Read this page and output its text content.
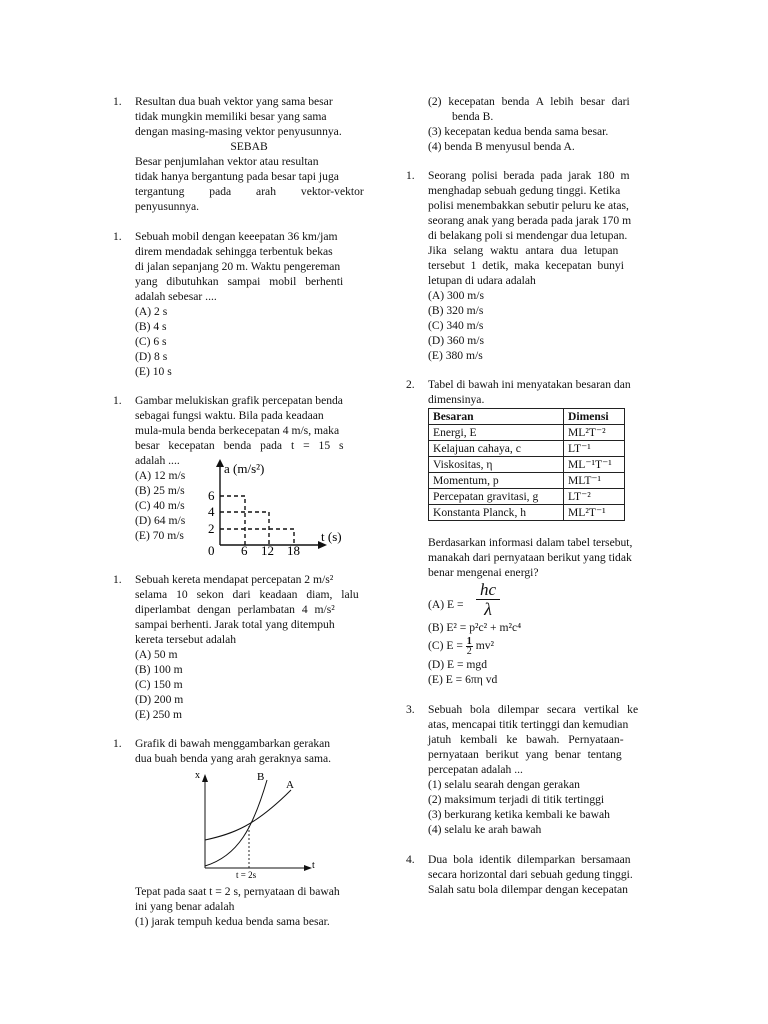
1. Resultan dua buah vektor yang sama besar
tidak mungkin memiliki besar yang sama
dengan masing-masing vektor penyusunnya.
SEBAB
Besar penjumlahan vektor atau resultan
tidak hanya bergantung pada besar tapi juga
tergantung pada arah vektor-vektor
penyusunnya.
1. Sebuah mobil dengan keeepatan 36 km/jam
direm mendadak sehingga terbentuk bekas
di jalan sepanjang 20 m. Waktu pengereman
yang dibutuhkan sampai mobil berhenti
adalah sebesar ....
(A) 2 s
(B) 4 s
(C) 6 s
(D) 8 s
(E) 10 s
1. Gambar melukiskan grafik percepatan benda
sebagai fungsi waktu. Bila pada keadaan
mula-mula benda berkecepatan 4 m/s, maka
besar kecepatan benda pada t = 15 s
adalah ....
(A) 12 m/s
(B) 25 m/s
(C) 40 m/s
(D) 64 m/s
(E) 70 m/s
a (m/s²)
t (s)
6
4
2
0 6 12 18
1. Sebuah kereta mendapat percepatan 2 m/s²
selama 10 sekon dari keadaan diam, lalu
diperlambat dengan perlambatan 4 m/s²
sampai berhenti. Jarak total yang ditempuh
kereta tersebut adalah
(A) 50 m
(B) 100 m
(C) 150 m
(D) 200 m
(E) 250 m
1. Grafik di bawah menggambarkan gerakan
dua buah benda yang arah geraknya sama.
x
t
B
A
t = 2s
Tepat pada saat t = 2 s, pernyataan di bawah
ini yang benar adalah
(1) jarak tempuh kedua benda sama besar.
(2) kecepatan benda A lebih besar dari
benda B.
(3) kecepatan kedua benda sama besar.
(4) benda B menyusul benda A.
1. Seorang polisi berada pada jarak 180 m
menghadap sebuah gedung tinggi. Ketika
polisi menembakkan sebutir peluru ke atas,
seorang anak yang berada pada jarak 170 m
di belakang poli si mendengar dua letupan.
Jika selang waktu antara dua letupan
tersebut 1 detik, maka kecepatan bunyi
letupan di udara adalah
(A) 300 m/s
(B) 320 m/s
(C) 340 m/s
(D) 360 m/s
(E) 380 m/s
2. Tabel di bawah ini menyatakan besaran dan
dimensinya.
Besaran	Dimensi
Energi, E	ML²T⁻²
Kelajuan cahaya, c	LT⁻¹
Viskositas, η	ML⁻¹T⁻¹
Momentum, p	MLT⁻¹
Percepatan gravitasi, g	LT⁻²
Konstanta Planck, h	ML²T⁻¹
Berdasarkan informasi dalam tabel tersebut,
manakah dari pernyataan berikut yang tidak
benar mengenai energi?
(A) $E = \frac{hc}{\lambda}$
(B) E² = p²c² + m²c⁴
(C) $E = \frac{1}{2} mv^2$
(D) E = mgd
(E) E = 6πη vd
3. Sebuah bola dilempar secara vertikal ke
atas, mencapai titik tertinggi dan kemudian
jatuh kembali ke bawah. Pernyataan-
pernyataan berikut yang benar tentang
percepatan adalah ...
(1) selalu searah dengan gerakan
(2) maksimum terjadi di titik tertinggi
(3) berkurang ketika kembali ke bawah
(4) selalu ke arah bawah
4. Dua bola identik dilemparkan bersamaan
secara horizontal dari sebuah gedung tinggi.
Salah satu bola dilempar dengan kecepatan
